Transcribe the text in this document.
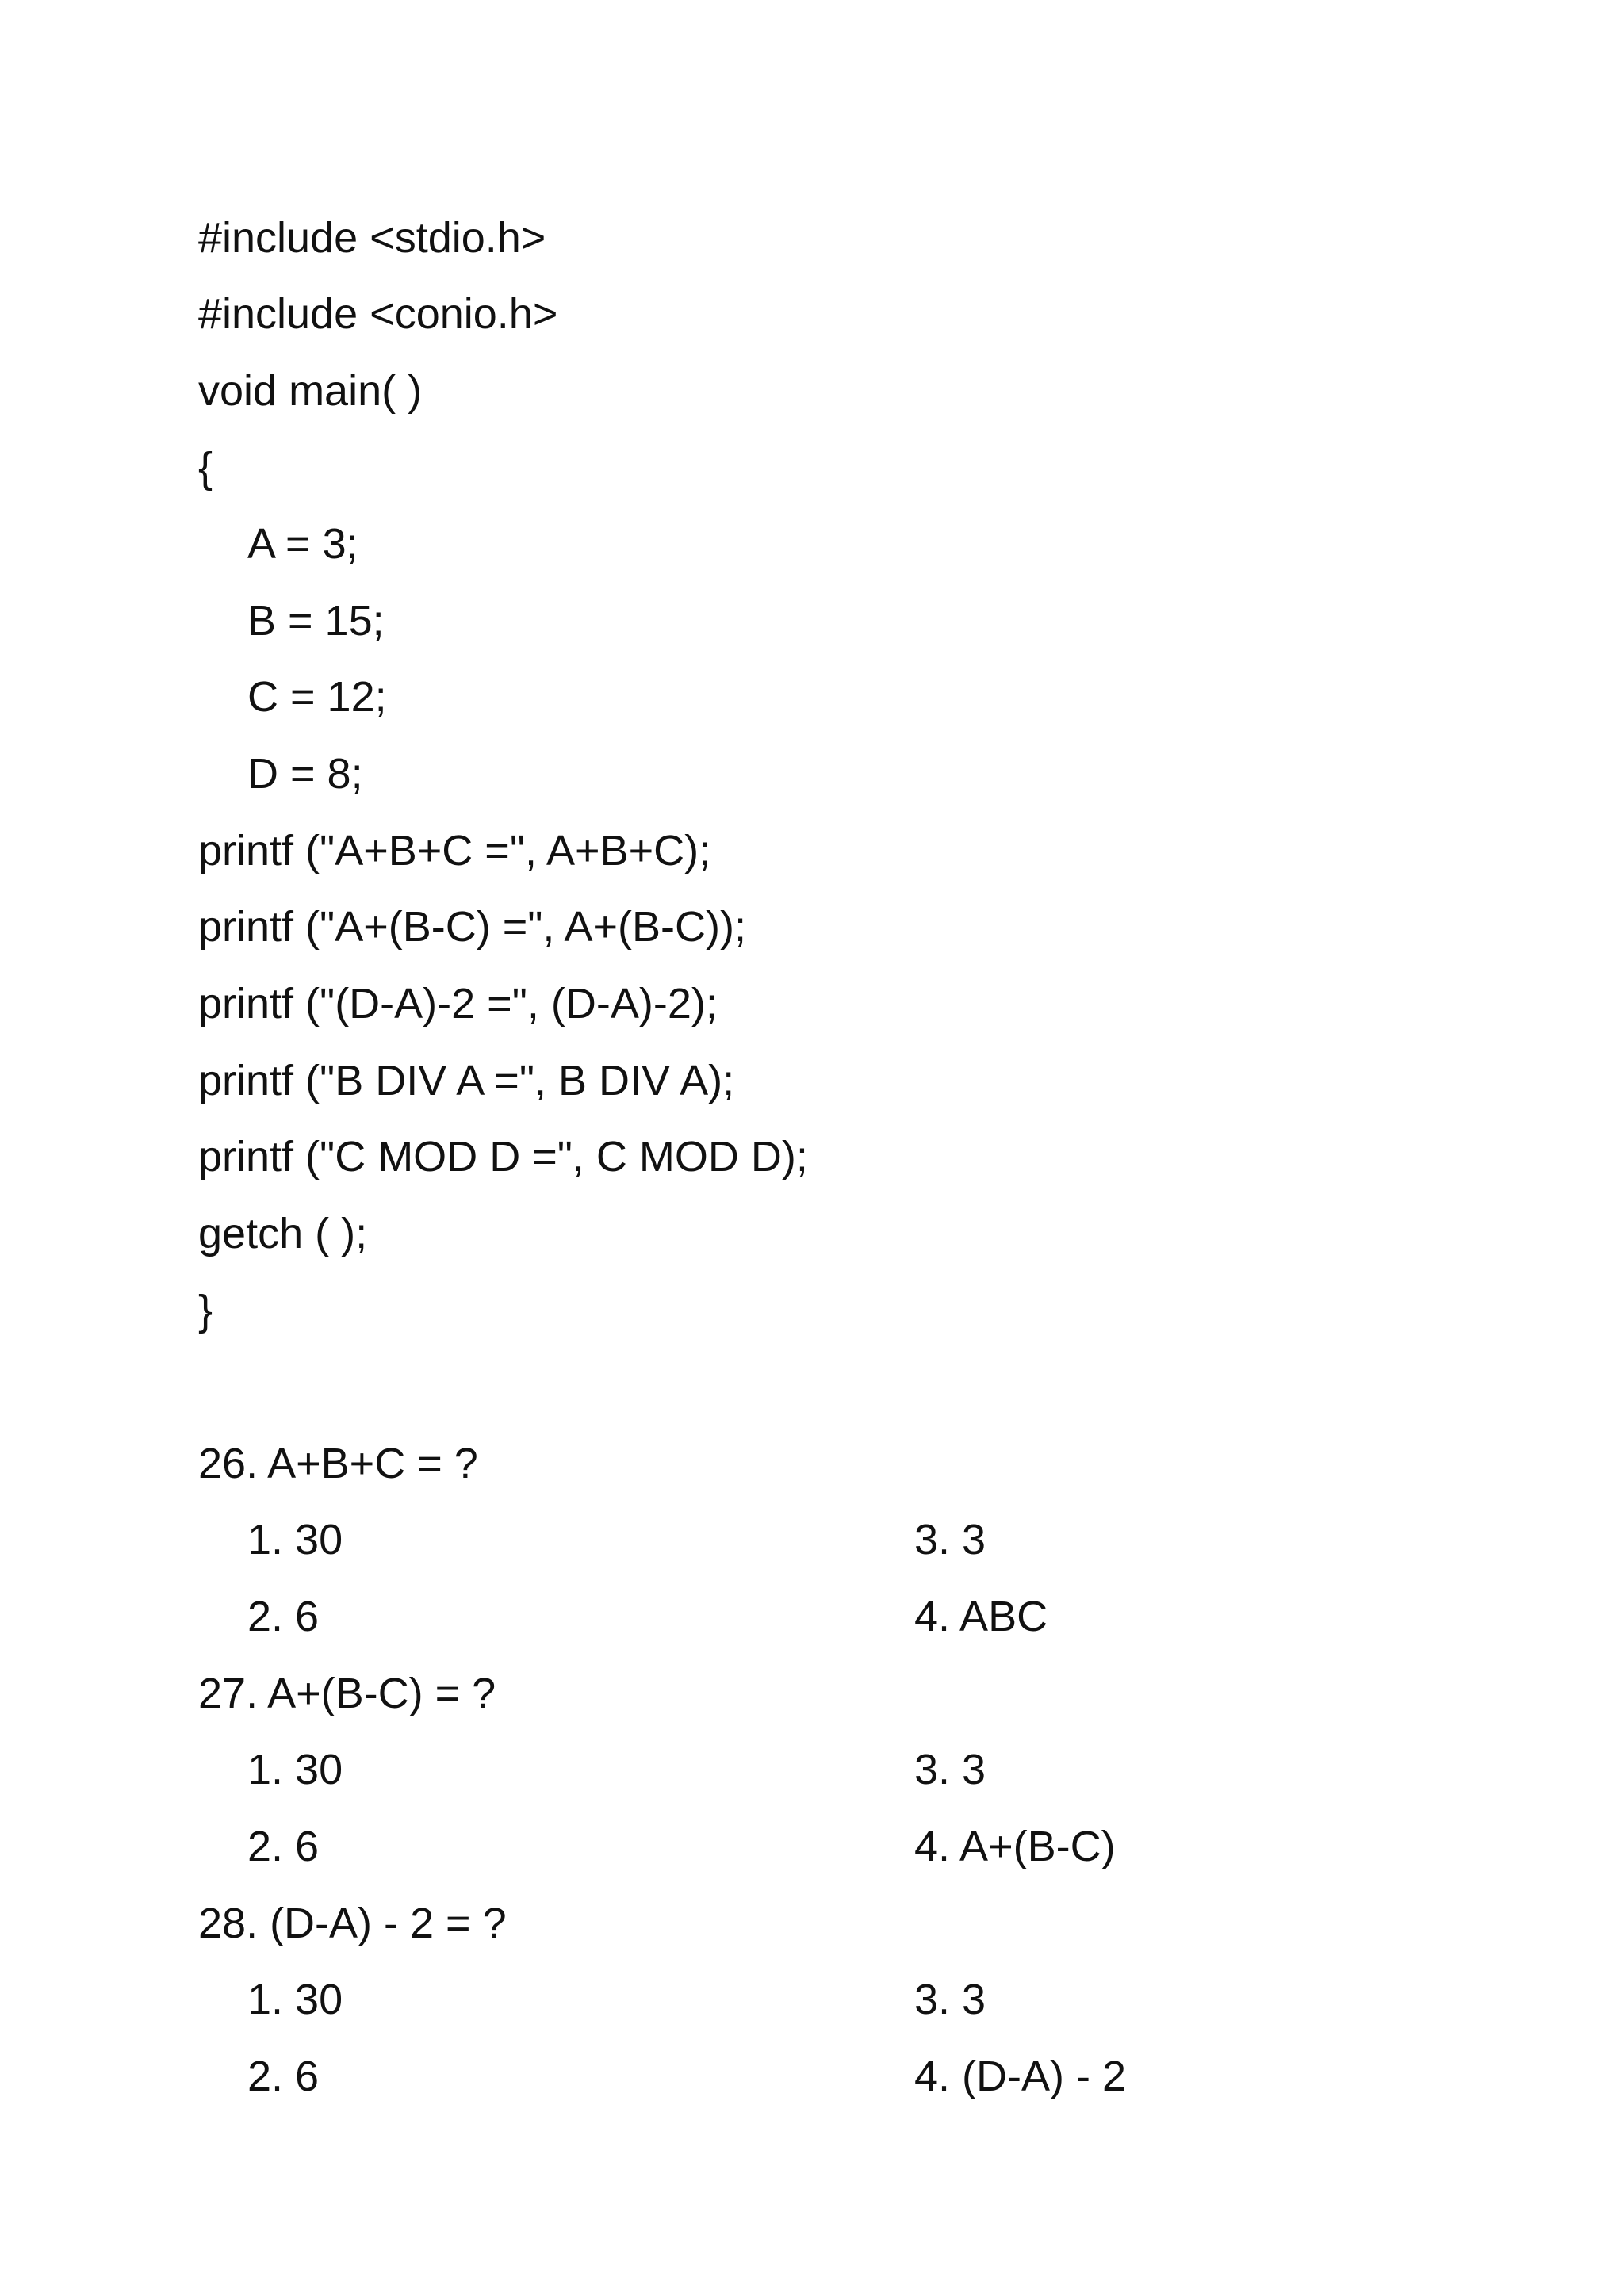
#include <stdio.h>
#include <conio.h>
void main( )
{
A = 3;
B = 15;
C = 12;
D = 8;
printf ("A+B+C =", A+B+C);
printf ("A+(B-C) =", A+(B-C));
printf ("(D-A)-2 =", (D-A)-2);
printf ("B DIV A =", B DIV A);
printf ("C MOD D =", C MOD D);
getch ( );
}
26. A+B+C = ?
1. 30	3. 3
2. 6	4. ABC
27. A+(B-C) = ?
1. 30	3. 3
2. 6	4. A+(B-C)
28. (D-A) - 2 = ?
1. 30	3. 3
2. 6	4. (D-A) - 2
